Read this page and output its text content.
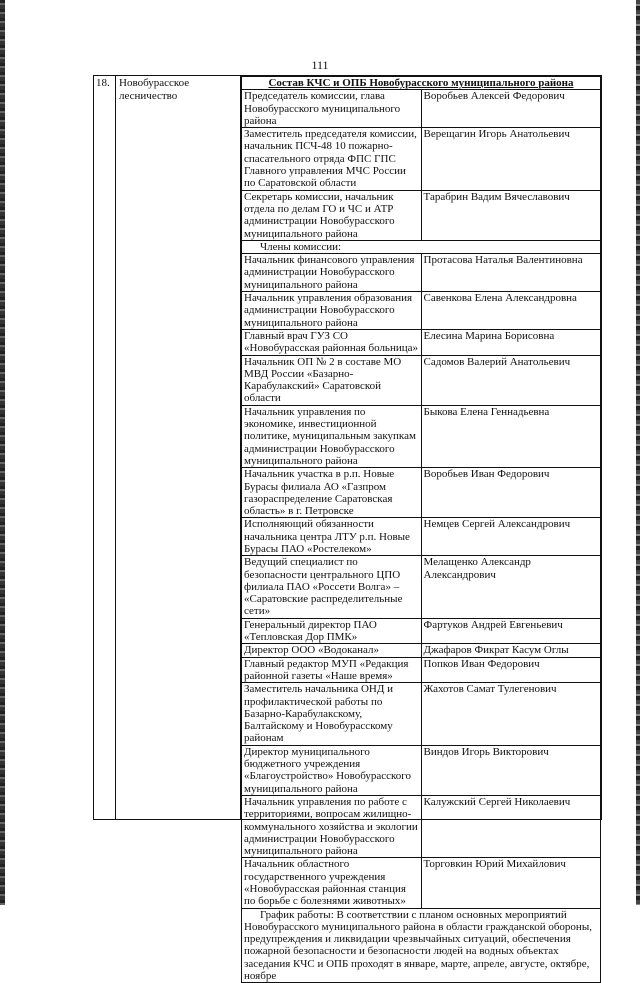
111
18. Новобурасское лесничество
Состав КЧС и ОПБ Новобурасского муниципального района	
Председатель комиссии, глава Новобурасского муниципального района	Воробьев Алексей Федорович
Заместитель председателя комиссии, начальник ПСЧ-48 10 пожарно-спасательного отряда ФПС ГПС Главного управления МЧС России по Саратовской области	Верещагин Игорь Анатольевич
Секретарь комиссии, начальник отдела по делам ГО и ЧС и АТР администрации Новобурасского муниципального района	Тарабрин Вадим Вячеславович
Члены комиссии:	
Начальник финансового управления администрации Новобурасского муниципального района	Протасова Наталья Валентиновна
Начальник управления образования администрации Новобурасского муниципального района	Савенкова Елена Александровна
Главный врач ГУЗ СО «Новобурасская районная больница»	Елесина Марина Борисовна
Начальник ОП № 2 в составе МО МВД России «Базарно-Карабулакский» Саратовской области	Садомов Валерий Анатольевич
Начальник управления по экономике, инвестиционной политике, муниципальным закупкам администрации Новобурасского муниципального района	Быкова Елена Геннадьевна
Начальник участка в р.п. Новые Бурасы филиала АО «Газпром газораспределение Саратовская область» в г. Петровске	Воробьев Иван Федорович
Исполняющий обязанности начальника центра ЛТУ р.п. Новые Бурасы ПАО «Ростелеком»	Немцев Сергей Александрович
Ведущий специалист по безопасности центрального ЦПО филиала ПАО «Россети Волга» – «Саратовские распределительные сети»	Мелащенко Александр Александрович
Генеральный директор ПАО «Тепловская Дор ПМК»	Фартуков Андрей Евгеньевич
Директор ООО «Водоканал»	Джафаров Фикрат Касум Оглы
Главный редактор МУП «Редакция районной газеты «Наше время»	Попков Иван Федорович
Заместитель начальника ОНД и профилактической работы по Базарно-Карабулакскому, Балтайскому и Новобурасскому районам	Жахотов Самат Тулегенович
Директор муниципального бюджетного учреждения «Благоустройство» Новобурасского муниципального района	Виндов Игорь Викторович
Начальник управления по работе с территориями, вопросам жилищно-коммунального хозяйства и экологии администрации Новобурасского муниципального района	Калужский Сергей Николаевич
Начальник областного государственного учреждения «Новобурасская районная станция по борьбе с болезнями животных»	Торговкин Юрий Михайлович
График работы: В соответствии с планом основных мероприятий Новобурасского муниципального района в области гражданской обороны, предупреждения и ликвидации чрезвычайных ситуаций, обеспечения пожарной безопасности и безопасности людей на водных объектах заседания КЧС и ОПБ проходят в январе, марте, апреле, августе, октябре, ноябре	
